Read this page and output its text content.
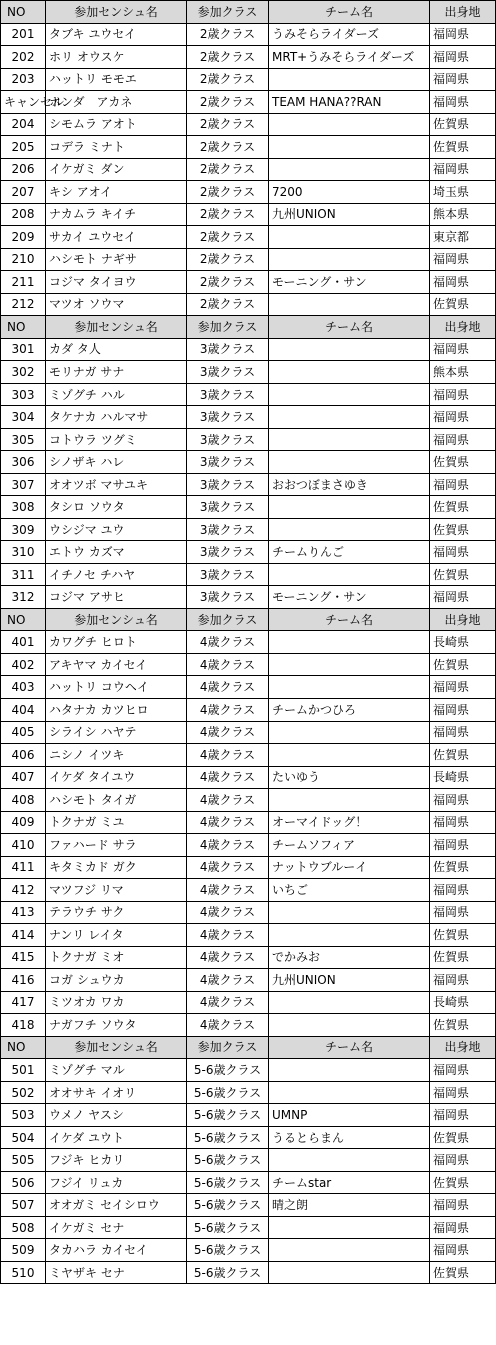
NO	参加センシュ名	参加クラス	チーム名	出身地
201	タブキ ユウセイ	2歳クラス	うみそらライダーズ	福岡県
202	ホリ オウスケ	2歳クラス	MRT+うみそらライダーズ	福岡県
203	ハットリ モモエ	2歳クラス		福岡県
キャンセル	ホンダ　アカネ	2歳クラス	TEAM HANA??RAN	福岡県
204	シモムラ アオト	2歳クラス		佐賀県
205	コデラ ミナト	2歳クラス		佐賀県
206	イケガミ ダン	2歳クラス		福岡県
207	キシ アオイ	2歳クラス	7200	埼玉県
208	ナカムラ キイチ	2歳クラス	九州UNION	熊本県
209	サカイ ユウセイ	2歳クラス		東京都
210	ハシモト ナギサ	2歳クラス		福岡県
211	コジマ タイヨウ	2歳クラス	モーニング・サン	福岡県
212	マツオ ソウマ	2歳クラス		佐賀県
NO	参加センシュ名	参加クラス	チーム名	出身地
301	カダ タ人	3歳クラス		福岡県
302	モリナガ サナ	3歳クラス		熊本県
303	ミゾグチ ハル	3歳クラス		福岡県
304	タケナカ ハルマサ	3歳クラス		福岡県
305	コトウラ ツグミ	3歳クラス		福岡県
306	シノザキ ハレ	3歳クラス		佐賀県
307	オオツボ マサユキ	3歳クラス	おおつぼまさゆき	福岡県
308	タシロ ソウタ	3歳クラス		佐賀県
309	ウシジマ ユウ	3歳クラス		佐賀県
310	エトウ カズマ	3歳クラス	チームりんご	福岡県
311	イチノセ チハヤ	3歳クラス		佐賀県
312	コジマ アサヒ	3歳クラス	モーニング・サン	福岡県
NO	参加センシュ名	参加クラス	チーム名	出身地
401	カワグチ ヒロト	4歳クラス		長崎県
402	アキヤマ カイセイ	4歳クラス		佐賀県
403	ハットリ コウヘイ	4歳クラス		福岡県
404	ハタナカ カツヒロ	4歳クラス	チームかつひろ	福岡県
405	シライシ ハヤテ	4歳クラス		福岡県
406	ニシノ イツキ	4歳クラス		佐賀県
407	イケダ タイユウ	4歳クラス	たいゆう	長崎県
408	ハシモト タイガ	4歳クラス		福岡県
409	トクナガ ミユ	4歳クラス	オーマイドッグ！	福岡県
410	ファハード サラ	4歳クラス	チームソフィア	福岡県
411	キタミカド ガク	4歳クラス	ナットウブルーイ	佐賀県
412	マツフジ リマ	4歳クラス	いちご	福岡県
413	テラウチ サク	4歳クラス		福岡県
414	ナンリ レイタ	4歳クラス		佐賀県
415	トクナガ ミオ	4歳クラス	でかみお	佐賀県
416	コガ シュウカ	4歳クラス	九州UNION	福岡県
417	ミツオカ ワカ	4歳クラス		長崎県
418	ナガフチ ソウタ	4歳クラス		佐賀県
NO	参加センシュ名	参加クラス	チーム名	出身地
501	ミゾグチ マル	5-6歳クラス		福岡県
502	オオサキ イオリ	5-6歳クラス		福岡県
503	ウメノ ヤスシ	5-6歳クラス	UMNP	福岡県
504	イケダ ユウト	5-6歳クラス	うるとらまん	佐賀県
505	フジキ ヒカリ	5-6歳クラス		福岡県
506	フジイ リュカ	5-6歳クラス	チームstar	佐賀県
507	オオガミ セイシロウ	5-6歳クラス	晴之朗	福岡県
508	イケガミ セナ	5-6歳クラス		福岡県
509	タカハラ カイセイ	5-6歳クラス		福岡県
510	ミヤザキ セナ	5-6歳クラス		佐賀県
